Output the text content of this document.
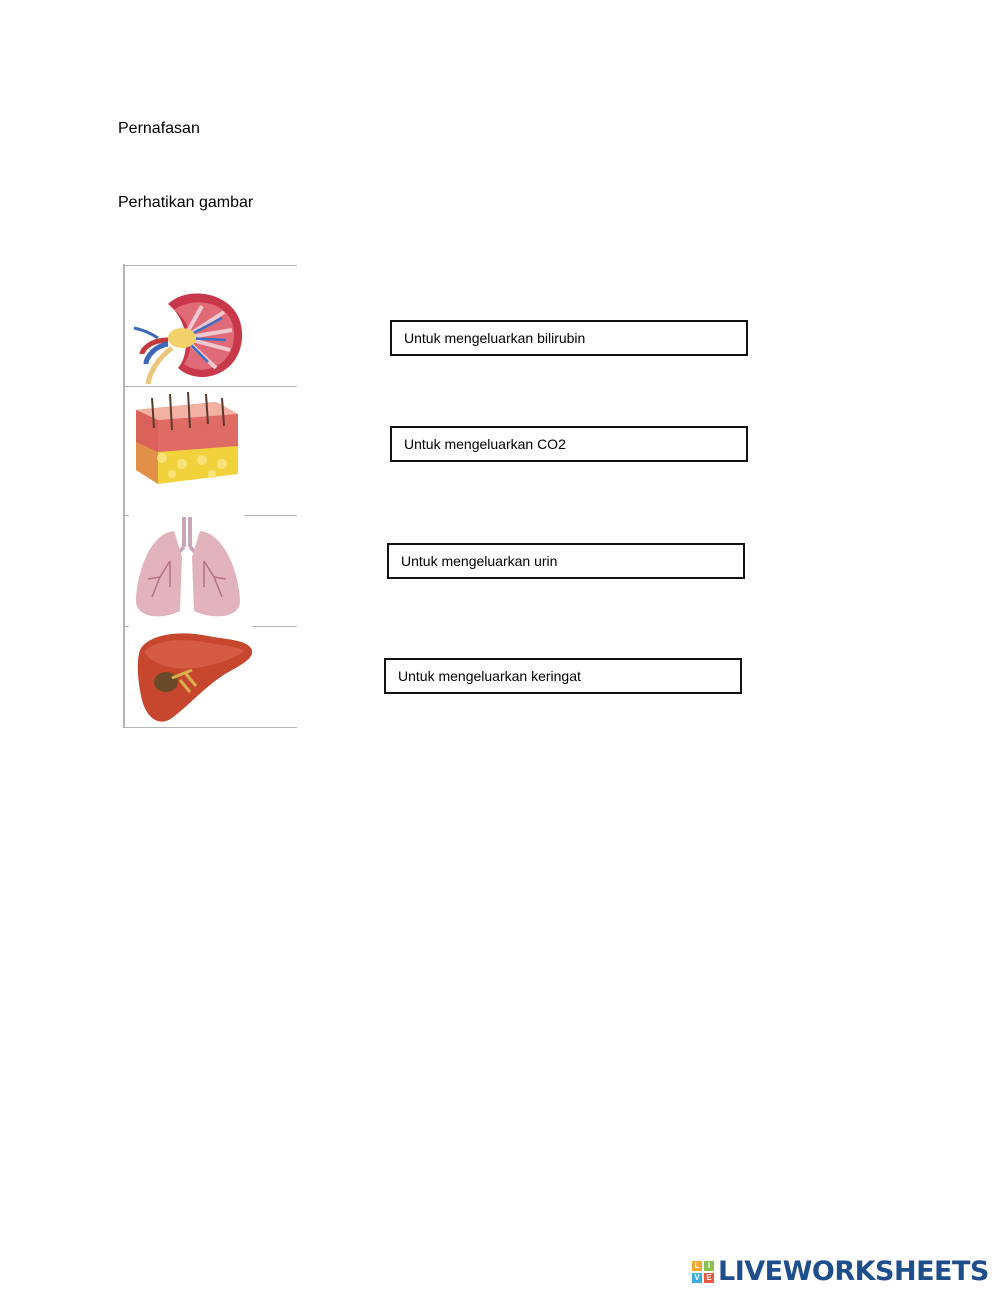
Pernafasan
Perhatikan gambar
Untuk mengeluarkan bilirubin
Untuk mengeluarkan CO2
Untuk mengeluarkan urin
Untuk mengeluarkan keringat
L	I
V E LIVEWORKSHEETS
